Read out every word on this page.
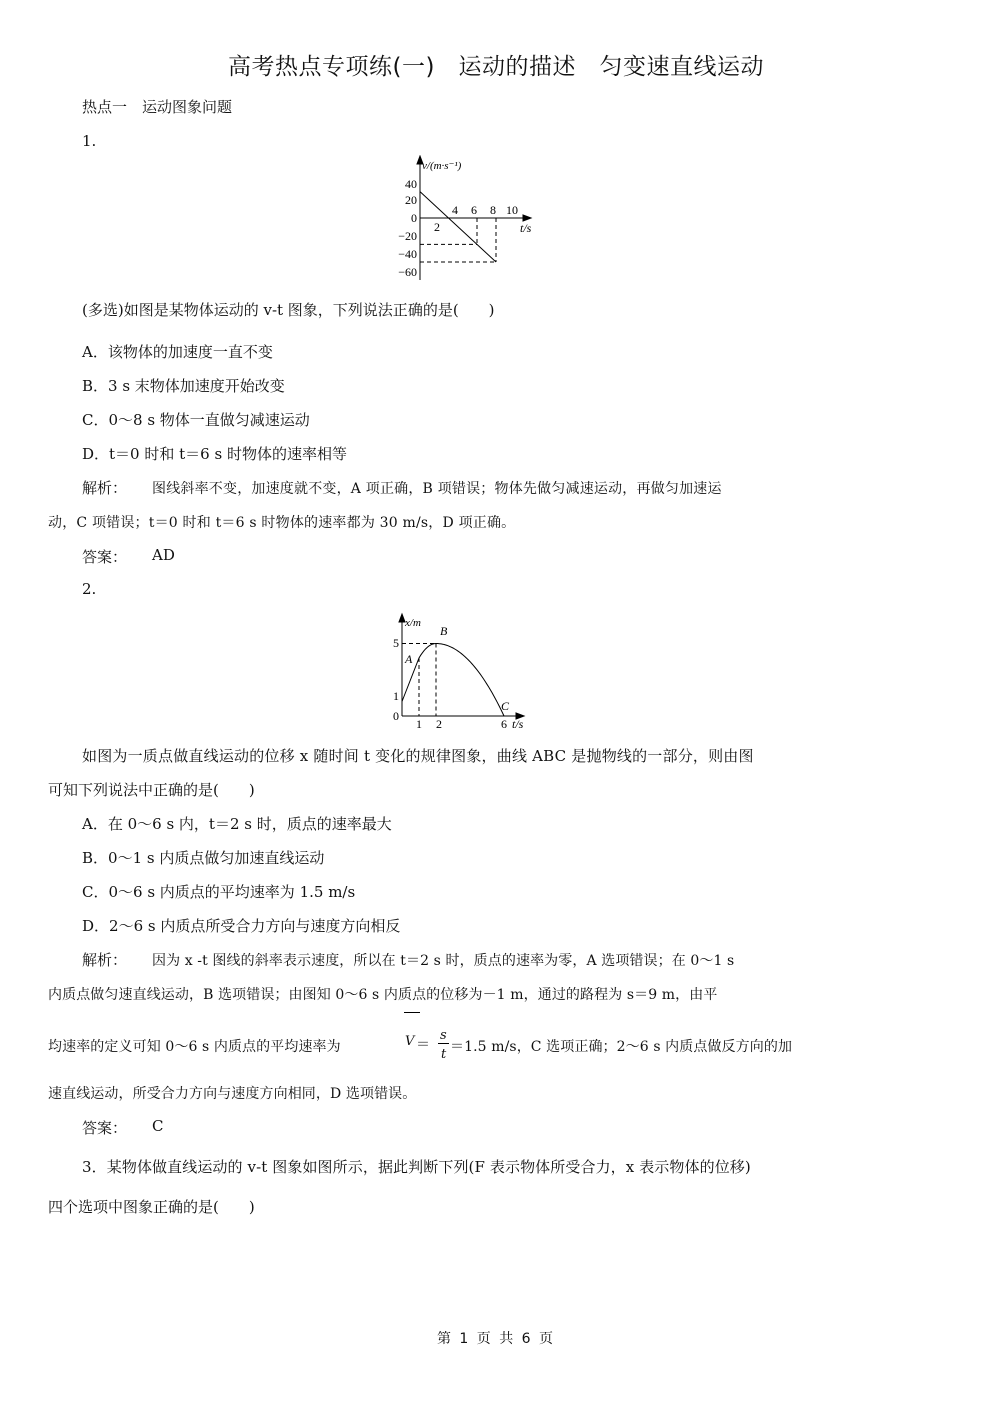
高考热点专项练(一)　运动的描述　匀变速直线运动
热点一　运动图象问题
1.
v/(m·s⁻¹)
40
20
0
−20
−40
−60
2
4 6 8 10
t/s
(多选)如图是某物体运动的 v-t 图象，下列说法正确的是(　　)
A．该物体的加速度一直不变
B．3 s 末物体加速度开始改变
C．0～8 s 物体一直做匀减速运动
D．t＝0 时和 t＝6 s 时物体的速率相等
解析： 图线斜率不变，加速度就不变，A 项正确，B 项错误；物体先做匀减速运动，再做匀加速运
动，C 项错误；t＝0 时和 t＝6 s 时物体的速率都为 30 m/s，D 项正确。
答案： AD
2.
x/m
5
1
0
1 2	6 t/s
A
B
C
如图为一质点做直线运动的位移 x 随时间 t 变化的规律图象，曲线 ABC 是抛物线的一部分，则由图
可知下列说法中正确的是(　　)
A．在 0～6 s 内，t＝2 s 时，质点的速率最大
B．0～1 s 内质点做匀加速直线运动
C．0～6 s 内质点的平均速率为 1.5 m/s
D．2～6 s 内质点所受合力方向与速度方向相反
解析： 因为 x -t 图线的斜率表示速度，所以在 t＝2 s 时，质点的速率为零，A 选项错误；在 0～1 s
内质点做匀速直线运动，B 选项错误；由图知 0～6 s 内质点的位移为－1 m，通过的路程为 s＝9 m，由平
均速率的定义可知 0～6 s 内质点的平均速率为	V ＝
s
t ＝1.5 m/s，C 选项正确；2～6 s 内质点做反方向的加
速直线运动，所受合力方向与速度方向相同，D 选项错误。
答案： C
3．某物体做直线运动的 v-t 图象如图所示，据此判断下列(F 表示物体所受合力，x 表示物体的位移)
四个选项中图象正确的是(　　)
第 1 页 共 6 页
